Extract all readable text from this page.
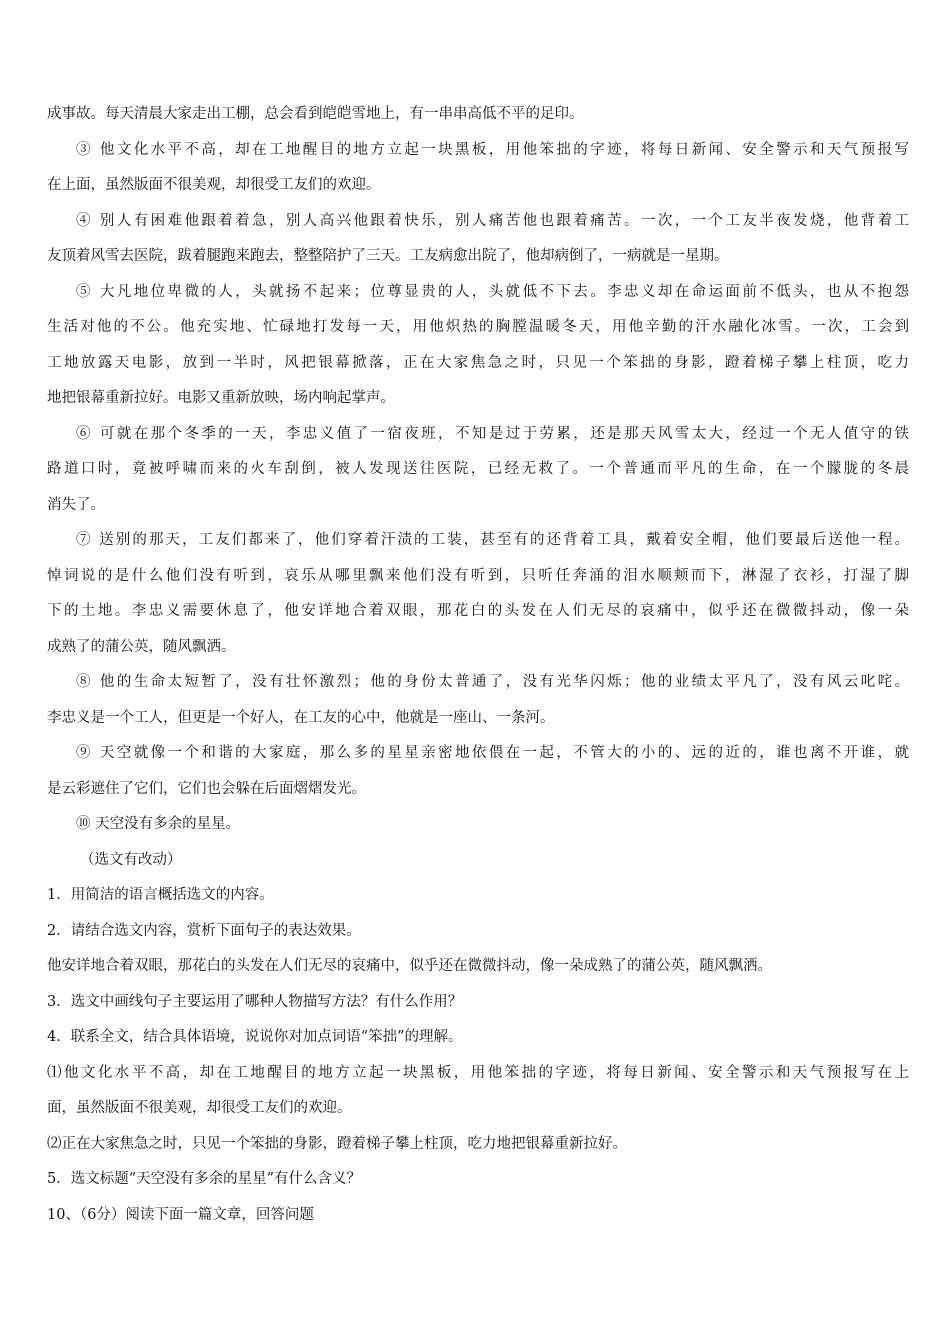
成事故。每天清晨大家走出工棚，总会看到皑皑雪地上，有一串串高低不平的足印。

③ 他文化水平不高，却在工地醒目的地方立起一块黑板，用他笨拙的字迹，将每日新闻、安全警示和天气预报写

在上面，虽然版面不很美观，却很受工友们的欢迎。

④ 别人有困难他跟着着急，别人高兴他跟着快乐，别人痛苦他也跟着痛苦。一次，一个工友半夜发烧，他背着工

友顶着风雪去医院，跋着腿跑来跑去，整整陪护了三天。工友病愈出院了，他却病倒了，一病就是一星期。

⑤ 大凡地位卑微的人，头就扬不起来；位尊显贵的人，头就低不下去。李忠义却在命运面前不低头，也从不抱怨

生活对他的不公。他充实地、忙碌地打发每一天，用他炽热的胸膛温暖冬天，用他辛勤的汗水融化冰雪。一次，工会到

工地放露天电影，放到一半时，风把银幕掀落，正在大家焦急之时，只见一个笨拙的身影，蹬着梯子攀上柱顶，吃力

地把银幕重新拉好。电影又重新放映，场内响起掌声。

⑥ 可就在那个冬季的一天，李忠义值了一宿夜班，不知是过于劳累，还是那天风雪太大，经过一个无人值守的铁

路道口时，竟被呼啸而来的火车刮倒，被人发现送往医院，已经无救了。一个普通而平凡的生命，在一个朦胧的冬晨

消失了。

⑦ 送别的那天，工友们都来了，他们穿着汗渍的工装，甚至有的还背着工具，戴着安全帽，他们要最后送他一程。

悼词说的是什么他们没有听到，哀乐从哪里飘来他们没有听到，只听任奔涌的泪水顺颊而下，淋湿了衣衫，打湿了脚

下的土地。李忠义需要休息了，他安详地合着双眼，那花白的头发在人们无尽的哀痛中，似乎还在微微抖动，像一朵

成熟了的蒲公英，随风飘洒。

⑧ 他的生命太短暂了，没有壮怀激烈；他的身份太普通了，没有光华闪烁；他的业绩太平凡了，没有风云叱咤。

李忠义是一个工人，但更是一个好人，在工友的心中，他就是一座山、一条河。

⑨ 天空就像一个和谐的大家庭，那么多的星星亲密地依偎在一起，不管大的小的、远的近的，谁也离不开谁，就

是云彩遮住了它们，它们也会躲在后面熠熠发光。

⑩ 天空没有多余的星星。

（选文有改动）

1．用简洁的语言概括选文的内容。

2．请结合选文内容，赏析下面句子的表达效果。

他安详地合着双眼，那花白的头发在人们无尽的哀痛中，似乎还在微微抖动，像一朵成熟了的蒲公英，随风飘洒。

3．选文中画线句子主要运用了哪种人物描写方法？有什么作用？

4．联系全文，结合具体语境，说说你对加点词语“笨拙”的理解。

⑴他文化水平不高，却在工地醒目的地方立起一块黑板，用他笨拙的字迹，将每日新闻、安全警示和天气预报写在上

面，虽然版面不很美观，却很受工友们的欢迎。

⑵正在大家焦急之时，只见一个笨拙的身影，蹬着梯子攀上柱顶，吃力地把银幕重新拉好。

5．选文标题“天空没有多余的星星”有什么含义？

10、（6分）阅读下面一篇文章，回答问题
